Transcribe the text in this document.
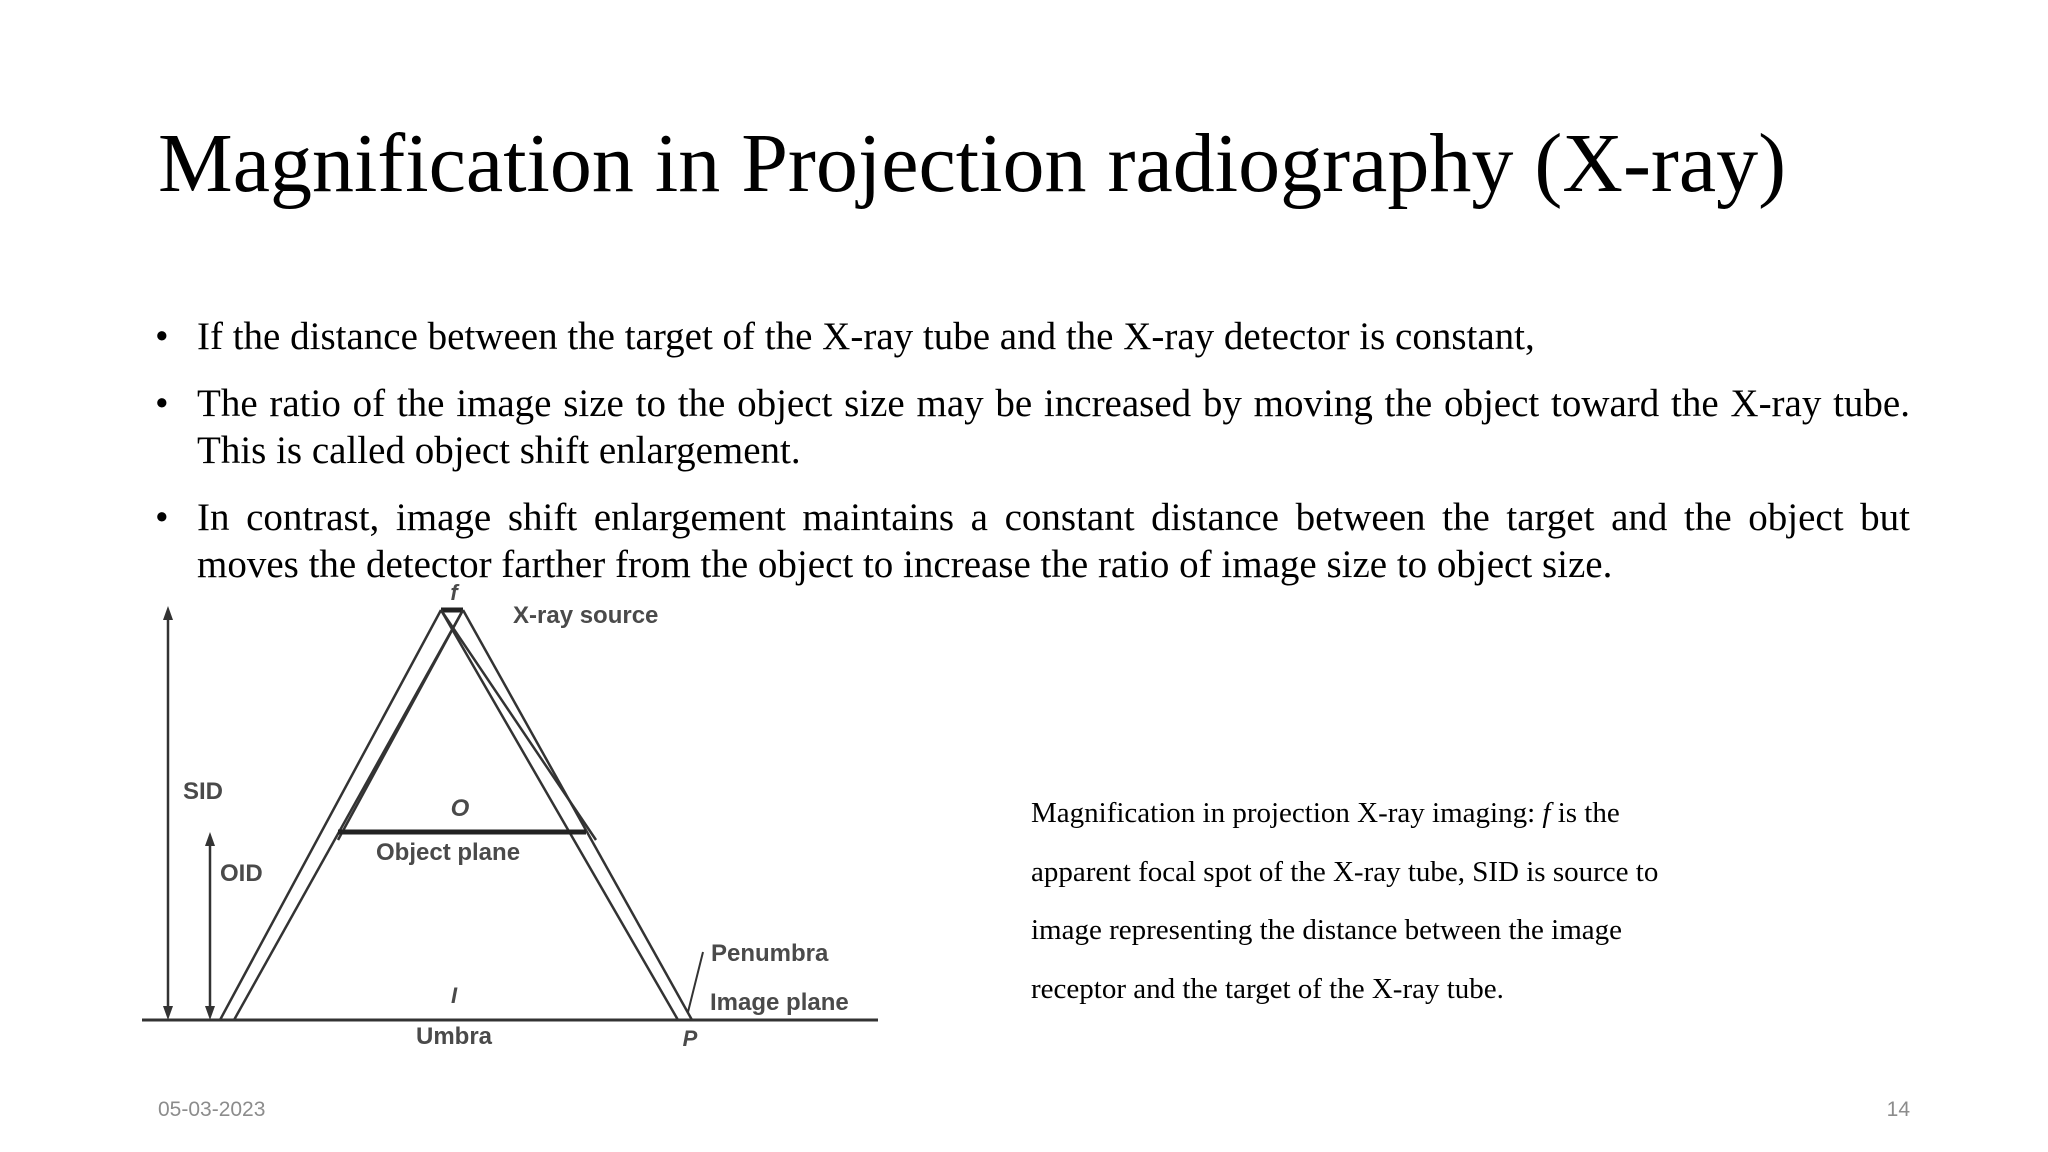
Magnification in Projection radiography (X-ray)
• If the distance between the target of the X-ray tube and the X-ray detector is constant,
• The ratio of the image size to the object size may be increased by moving the object toward the X-ray tube. This is called object shift enlargement.
• In contrast, image shift enlargement maintains a constant distance between the target and the object but moves the detector farther from the object to increase the ratio of image size to object size.
f
X-ray source
SID
O
Object plane
OID
Penumbra
I	Image plane
Umbra	P

Magnification in projection X-ray imaging: f is the

apparent focal spot of the X-ray tube, SID is source to

image representing the distance between the image

receptor and the target of the X-ray tube.

05-03-2023	14
